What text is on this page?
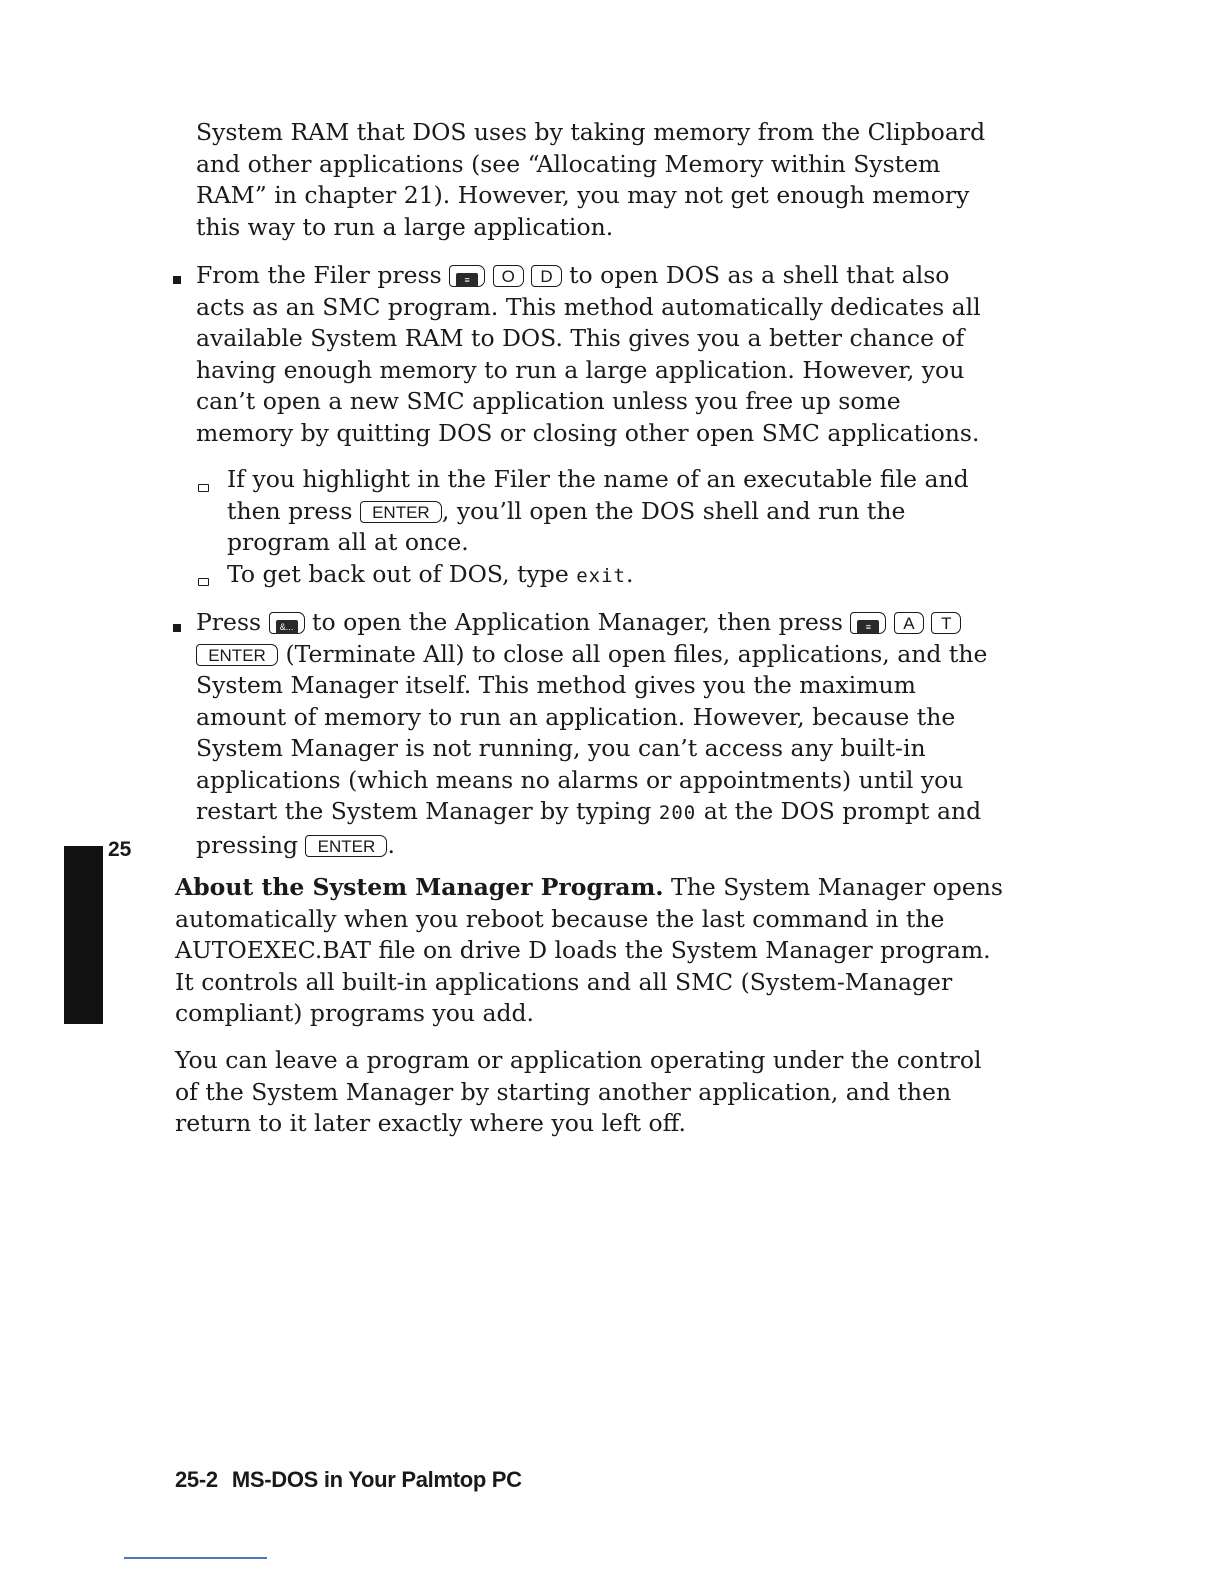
System RAM that DOS uses by taking memory from the Clipboard and other applications (see “Allocating Memory within System RAM” in chapter 21). However, you may not get enough memory this way to run a large application.

From the Filer press	≡ O D to open DOS as a shell that also acts as an SMC program. This method automatically dedicates all available System RAM to DOS. This gives you a better chance of having enough memory to run a large application. However, you can’t open a new SMC application unless you free up some memory by quitting DOS or closing other open SMC applications.

If you highlight in the Filer the name of an executable file and then press ENTER , you’ll open the DOS shell and run the program all at once.

To get back out of DOS, type exit.

Press &... to open the Application Manager, then press	≡ A T ENTER (Terminate All) to close all open files, applications, and the System Manager itself. This method gives you the maximum amount of memory to run an application. However, because the System Manager is not running, you can’t access any built-in applications (which means no alarms or appointments) until you restart the System Manager by typing 200 at the DOS prompt and pressing ENTER .

About the System Manager Program. The System Manager opens automatically when you reboot because the last command in the AUTOEXEC.BAT file on drive D loads the System Manager program. It controls all built-in applications and all SMC (System-Manager compliant) programs you add.

You can leave a program or application operating under the control of the System Manager by starting another application, and then return to it later exactly where you left off.

25
25-2 MS-DOS in Your Palmtop PC
